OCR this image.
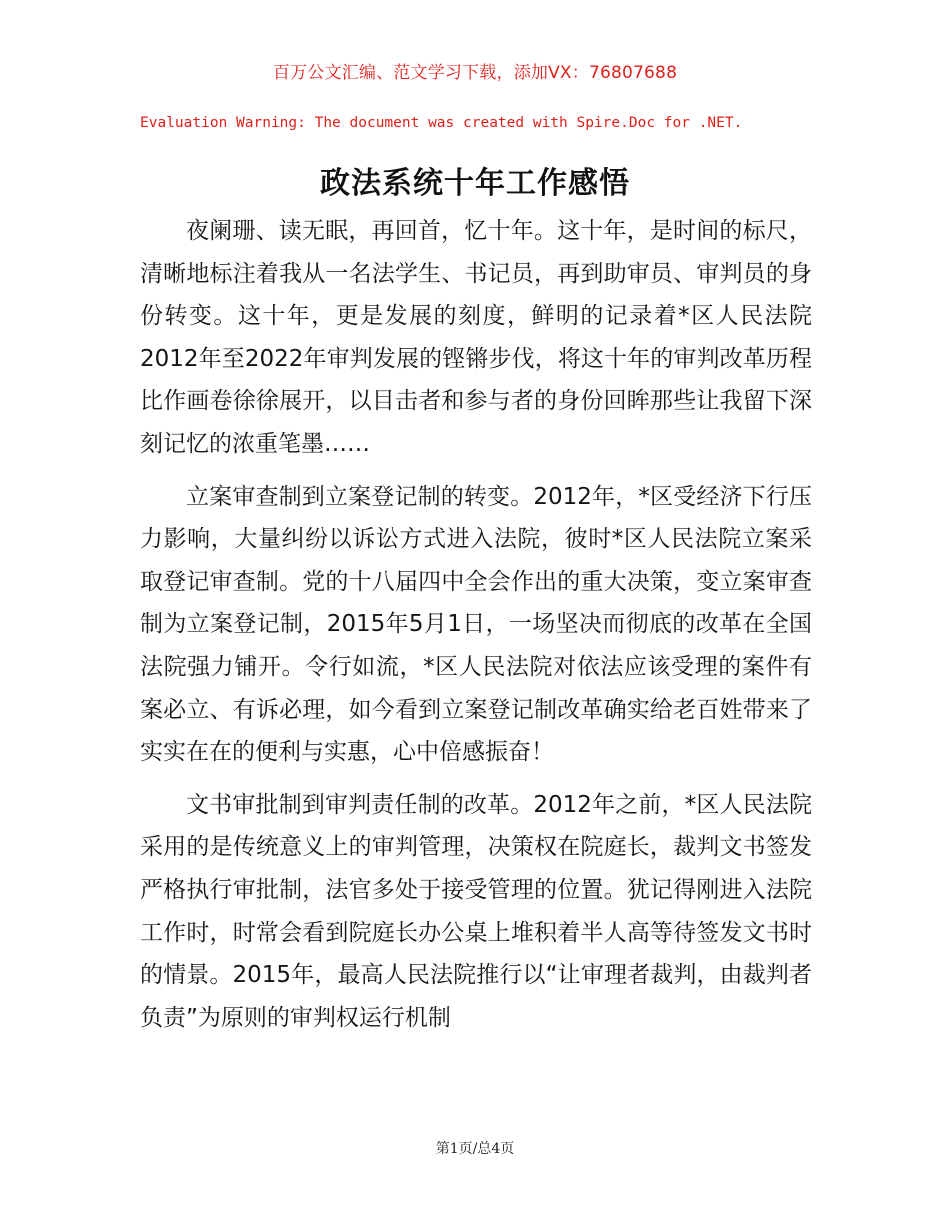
百万公文汇编、范文学习下载，添加VX：76807688
Evaluation Warning: The document was created with Spire.Doc for .NET.
政法系统十年工作感悟

夜阑珊、读无眠，再回首，忆十年。这十年，是时间的标尺，清晰地标注着我从一名法学生、书记员，再到助审员、审判员的身份转变。这十年，更是发展的刻度，鲜明的记录着*区人民法院2012年至2022年审判发展的铿锵步伐，将这十年的审判改革历程比作画卷徐徐展开，以目击者和参与者的身份回眸那些让我留下深刻记忆的浓重笔墨……

立案审查制到立案登记制的转变。2012年，*区受经济下行压力影响，大量纠纷以诉讼方式进入法院，彼时*区人民法院立案采取登记审查制。党的十八届四中全会作出的重大决策，变立案审查制为立案登记制，2015年5月1日，一场坚决而彻底的改革在全国法院强力铺开。令行如流，*区人民法院对依法应该受理的案件有案必立、有诉必理，如今看到立案登记制改革确实给老百姓带来了实实在在的便利与实惠，心中倍感振奋！

文书审批制到审判责任制的改革。2012年之前，*区人民法院采用的是传统意义上的审判管理，决策权在院庭长，裁判文书签发严格执行审批制，法官多处于接受管理的位置。犹记得刚进入法院工作时，时常会看到院庭长办公桌上堆积着半人高等待签发文书时的情景。2015年，最高人民法院推行以“让审理者裁判，由裁判者负责”为原则的审判权运行机制

第1页/总4页
